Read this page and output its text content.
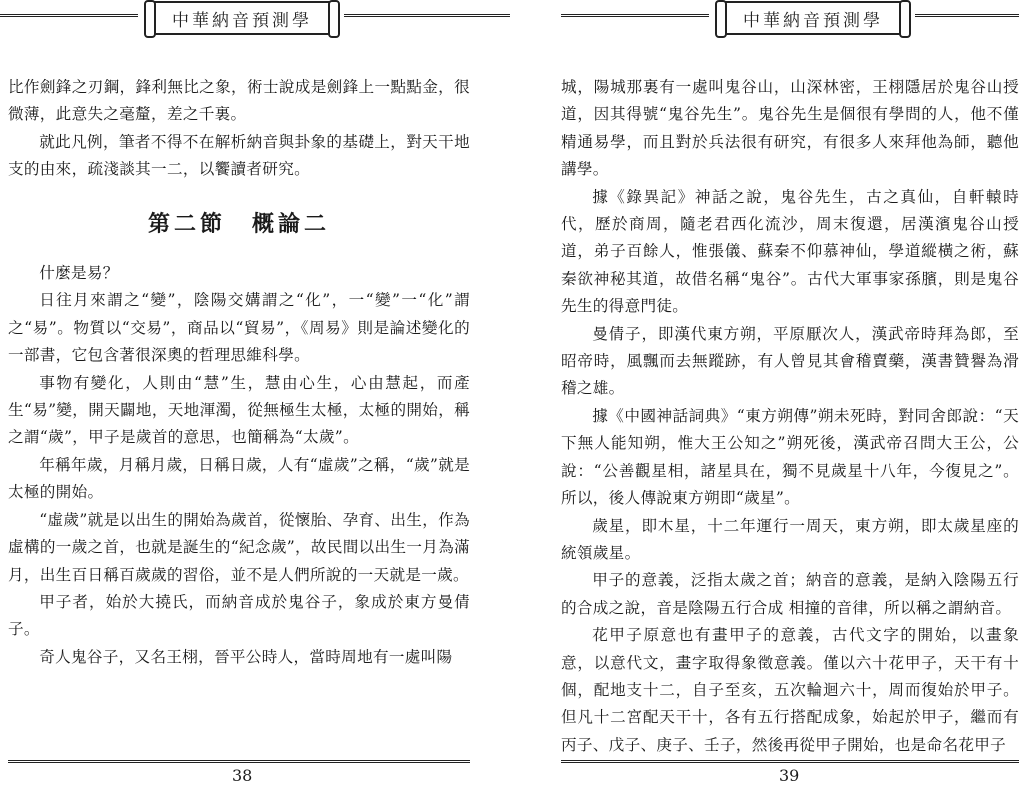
中華納音預測學

比作劍鋒之刃鋼，鋒利無比之象，術士說成是劍鋒上一點點金，很微薄，此意失之毫釐，差之千裏。

就此凡例，筆者不得不在解析納音與卦象的基礎上，對天干地支的由來，疏淺談其一二，以饗讀者研究。

第二節　概論二

什麼是易？

日往月來謂之“變”，陰陽交媾謂之“化”，一“變”一“化”謂之“易”。物質以“交易”，商品以“貿易”，《周易》則是論述變化的一部書，它包含著很深奧的哲理思維科學。

事物有變化，人則由“慧”生，慧由心生，心由慧起，而產生“易”變，開天闢地，天地渾濁，從無極生太極，太極的開始，稱之謂“歲”，甲子是歲首的意思，也簡稱為“太歲”。

年稱年歲，月稱月歲，日稱日歲，人有“虛歲”之稱，“歲”就是太極的開始。

“虛歲”就是以出生的開始為歲首，從懷胎、孕育、出生，作為虛構的一歲之首，也就是誕生的“紀念歲”，故民間以出生一月為滿月，出生百日稱百歲歲的習俗，並不是人們所說的一天就是一歲。

甲子者，始於大撓氏，而納音成於鬼谷子，象成於東方曼倩子。

奇人鬼谷子，又名王栩，晉平公時人，當時周地有一處叫陽

38
中華納音預測學

城，陽城那裏有一處叫鬼谷山，山深林密，王栩隱居於鬼谷山授道，因其得號“鬼谷先生”。鬼谷先生是個很有學問的人，他不僅精通易學，而且對於兵法很有研究，有很多人來拜他為師，聽他講學。

據《錄異記》神話之說，鬼谷先生，古之真仙，自軒轅時代，歷於商周，隨老君西化流沙，周末復還，居漢濱鬼谷山授道，弟子百餘人，惟張儀、蘇秦不仰慕神仙，學道縱橫之術，蘇秦欲神秘其道，故借名稱“鬼谷”。古代大軍事家孫臏，則是鬼谷先生的得意門徒。

曼倩子，即漢代東方朔，平原厭次人，漢武帝時拜為郎，至昭帝時，風飄而去無蹤跡，有人曾見其會稽賣藥，漢書贊譽為滑稽之雄。

據《中國神話詞典》“東方朔傳”朔未死時，對同舍郎說：“天下無人能知朔，惟大王公知之”朔死後，漢武帝召問大王公，公說：“公善觀星相，諸星具在，獨不見歲星十八年，今復見之”。所以，後人傳說東方朔即“歲星”。

歲星，即木星，十二年運行一周天，東方朔，即太歲星座的統領歲星。

甲子的意義，泛指太歲之首；納音的意義，是納入陰陽五行的合成之說，音是陰陽五行合成 相撞的音律，所以稱之謂納音。

花甲子原意也有畫甲子的意義，古代文字的開始，以畫象意，以意代文，畫字取得象徵意義。僅以六十花甲子，天干有十個，配地支十二，自子至亥，五次輪迴六十，周而復始於甲子。但凡十二宮配天干十，各有五行搭配成象，始起於甲子，繼而有丙子、戊子、庚子、壬子，然後再從甲子開始，也是命名花甲子

39
